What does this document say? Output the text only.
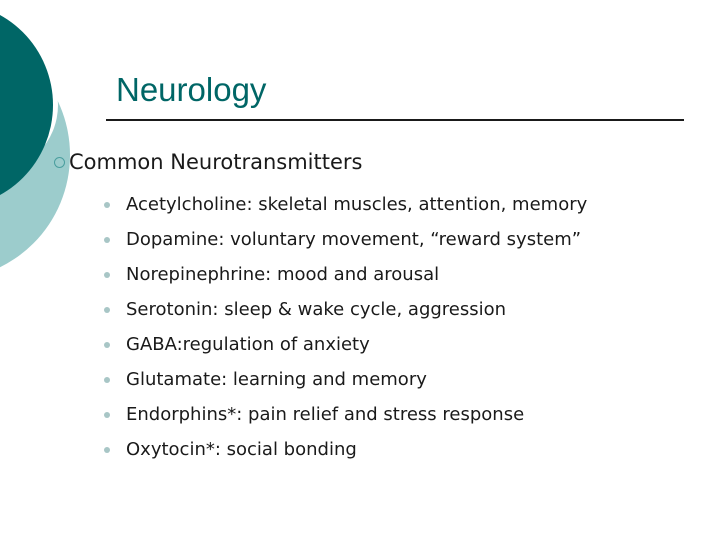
Neurology
Common Neurotransmitters
Acetylcholine: skeletal muscles, attention, memory
Dopamine: voluntary movement, “reward system”
Norepinephrine: mood and arousal
Serotonin: sleep & wake cycle, aggression
GABA:regulation of anxiety
Glutamate: learning and memory
Endorphins*: pain relief and stress response
Oxytocin*: social bonding
